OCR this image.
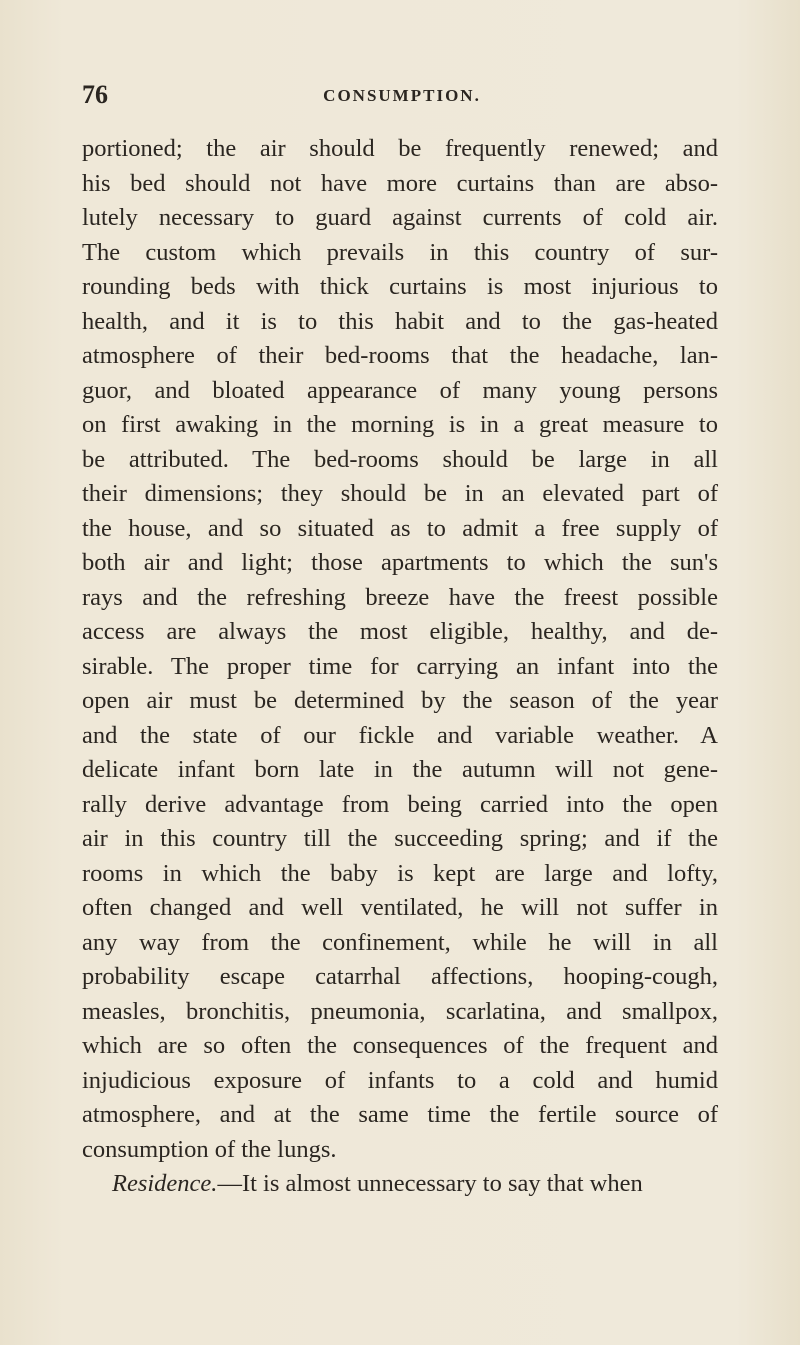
76	CONSUMPTION.
portioned; the air should be frequently renewed; and
his bed should not have more curtains than are abso-
lutely necessary to guard against currents of cold air.
The custom which prevails in this country of sur-
rounding beds with thick curtains is most injurious to
health, and it is to this habit and to the gas-heated
atmosphere of their bed-rooms that the headache, lan-
guor, and bloated appearance of many young persons
on first awaking in the morning is in a great measure to
be attributed. The bed-rooms should be large in all
their dimensions; they should be in an elevated part of
the house, and so situated as to admit a free supply of
both air and light; those apartments to which the sun's
rays and the refreshing breeze have the freest possible
access are always the most eligible, healthy, and de-
sirable. The proper time for carrying an infant into the
open air must be determined by the season of the year
and the state of our fickle and variable weather. A
delicate infant born late in the autumn will not gene-
rally derive advantage from being carried into the open
air in this country till the succeeding spring; and if the
rooms in which the baby is kept are large and lofty,
often changed and well ventilated, he will not suffer in
any way from the confinement, while he will in all
probability escape catarrhal affections, hooping-cough,
measles, bronchitis, pneumonia, scarlatina, and smallpox,
which are so often the consequences of the frequent and
injudicious exposure of infants to a cold and humid
atmosphere, and at the same time the fertile source of
consumption of the lungs.
Residence.—It is almost unnecessary to say that when
